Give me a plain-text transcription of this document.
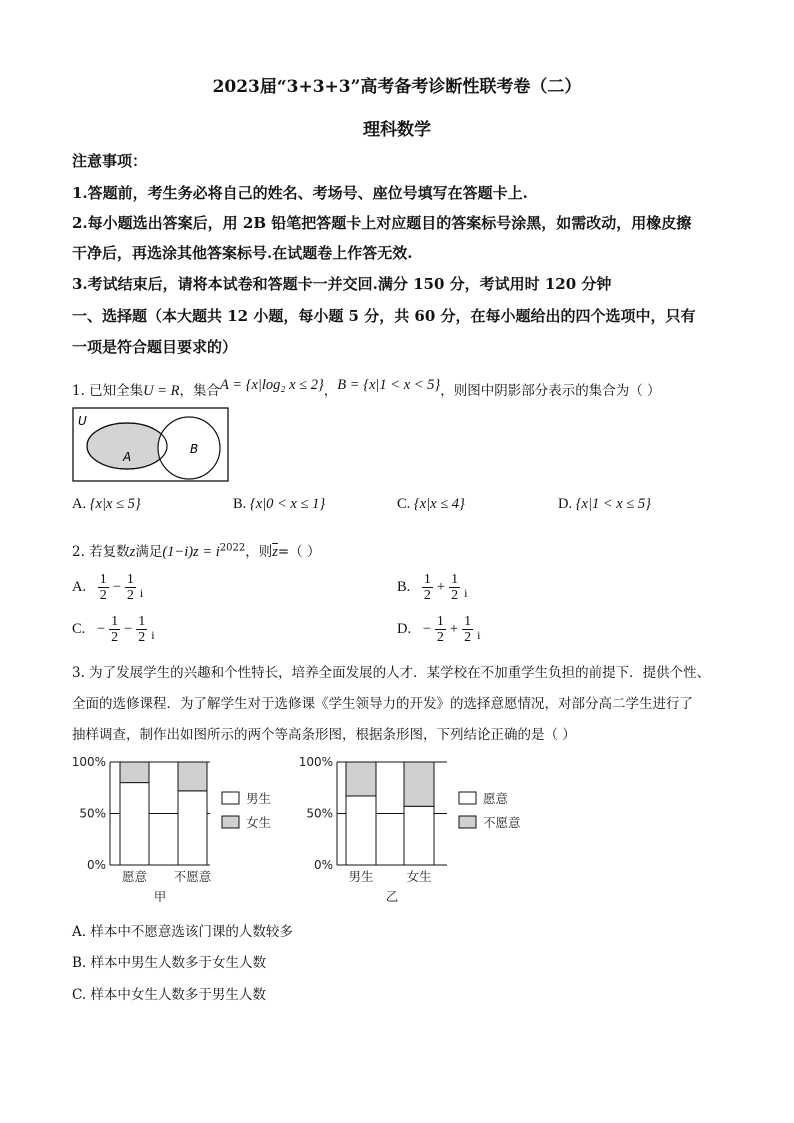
2023届“3+3+3”高考备考诊断性联考卷（二）
理科数学
注意事项：
1.答题前，考生务必将自己的姓名、考场号、座位号填写在答题卡上.
2.每小题选出答案后，用 2B 铅笔把答题卡上对应题目的答案标号涂黑，如需改动，用橡皮擦
干净后，再选涂其他答案标号.在试题卷上作答无效.
3.考试结束后，请将本试卷和答题卡一并交回.满分 150 分，考试用时 120 分钟
一、选择题（本大题共 12 小题，每小题 5 分，共 60 分，在每小题给出的四个选项中，只有
一项是符合题目要求的）
1. 已知全集U = R，集合A = {x|log₂ x ≤ 2}，B = {x|1 < x < 5}，则图中阴影部分表示的集合为（ ）
U
A
B
A. {x|x ≤ 5}	B. {x|0 < x ≤ 1}	C. {x|x ≤ 4}	D. {x|1 < x ≤ 5}
2. 若复数z满足$(1-i)z = i^{2022}$，则$\overline{z}=$（ ）
A.
$\frac{1}{2} - \frac{1}{2}$ i	B.
$\frac{1}{2} + \frac{1}{2}$ i
C.
− $\frac{1}{2} - \frac{1}{2}$ i	D.
− $\frac{1}{2} + \frac{1}{2}$ i
3. 为了发展学生的兴趣和个性特长，培养全面发展的人才．某学校在不加重学生负担的前提下．提供个性、
全面的选修课程．为了解学生对于选修课《学生领导力的开发》的选择意愿情况，对部分高二学生进行了
抽样调查，制作出如图所示的两个等高条形图，根据条形图，下列结论正确的是（ ）
0%
50%
100%
愿意 不愿意
甲
男生
女生
0%
50%
100%
男生	女生
乙
愿意
不愿意
A. 样本中不愿意选该门课的人数较多
B. 样本中男生人数多于女生人数
C. 样本中女生人数多于男生人数
